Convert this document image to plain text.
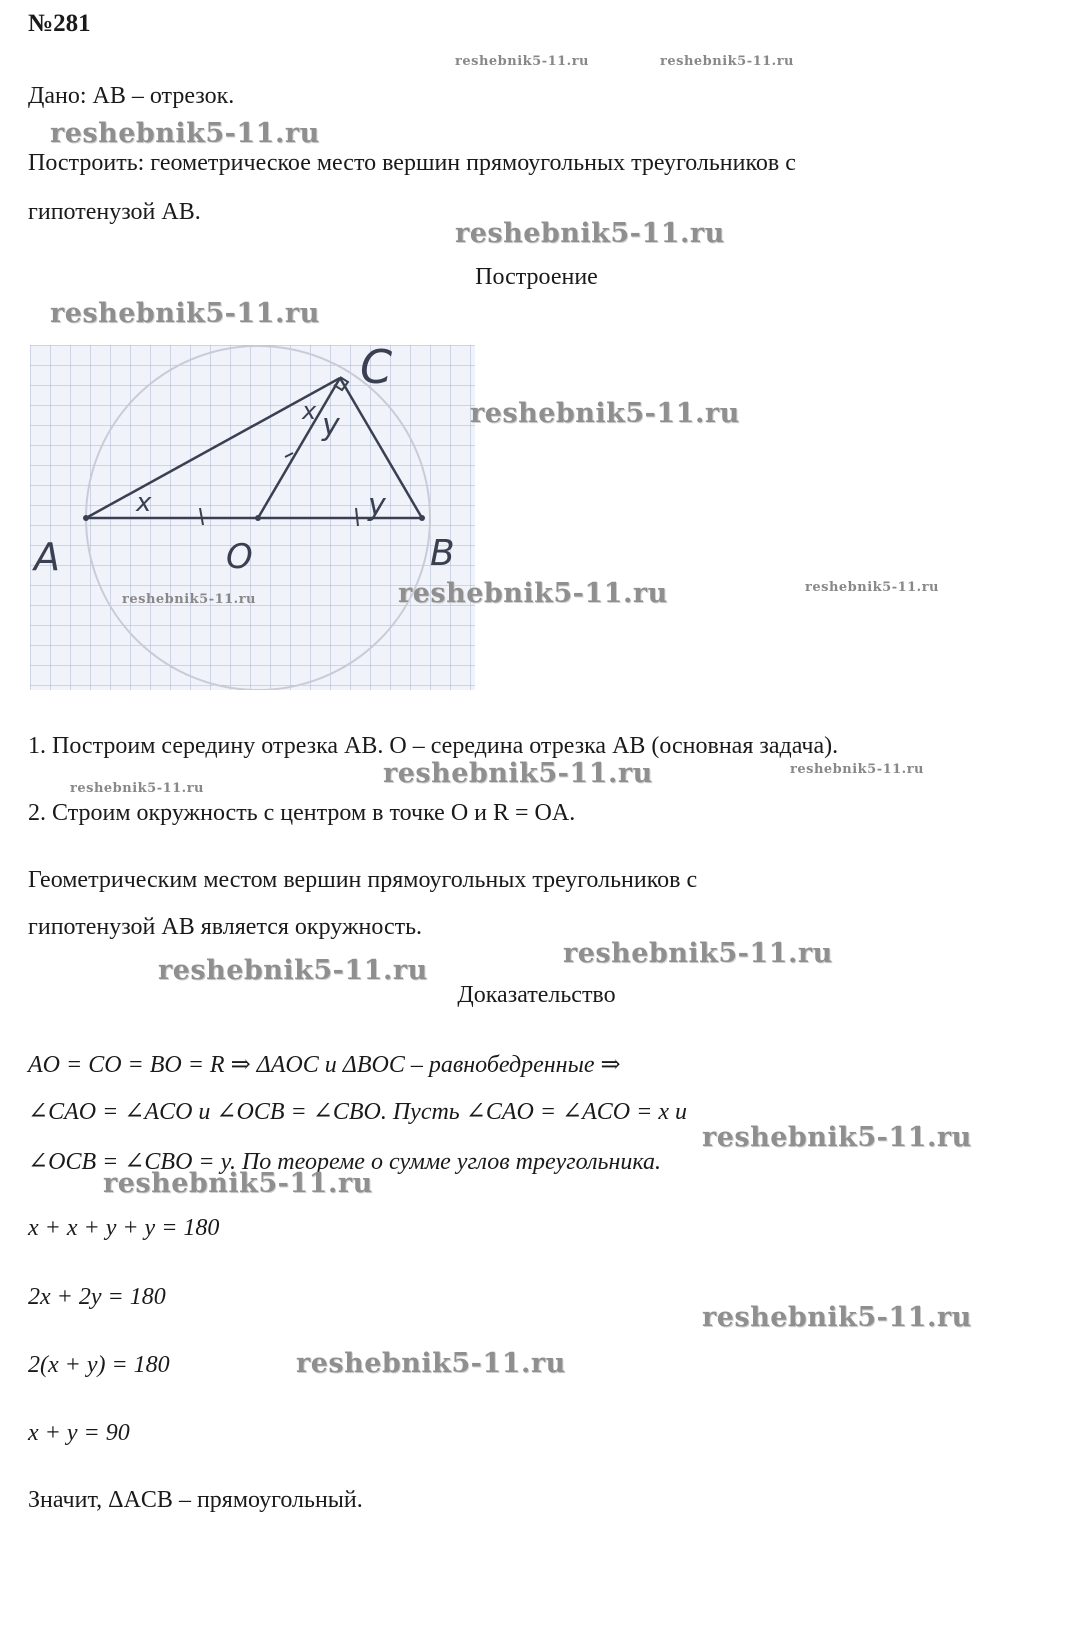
№281
Дано: AB – отрезок.
Построить: геометрическое место вершин прямоугольных треугольников с
гипотенузой AB.
Построение
A	O	B
C
x
x y
y
1. Построим середину отрезка AB. O – середина отрезка AB (основная задача).
2. Строим окружность с центром в точке O и R = OA.
Геометрическим местом вершин прямоугольных треугольников с
гипотенузой AB является окружность.
Доказательство
AO = CO = BO = R ⇒ ΔAOC и ΔBOC – равнобедренные ⇒
∠CAO = ∠ACO и ∠OCB = ∠CBO. Пусть ∠CAO = ∠ACO = x и
∠OCB = ∠CBO = y. По теореме о сумме углов треугольника.
x + x + y + y = 180
2x + 2y = 180
2(x + y) = 180
x + y = 90
Значит, ΔACB – прямоугольный.
reshebnik5-11.ru	reshebnik5-11.ru
reshebnik5-11.ru
reshebnik5-11.ru
reshebnik5-11.ru
reshebnik5-11.ru
reshebnik5-11.ru	reshebnik5-11.ru	reshebnik5-11.ru
reshebnik5-11.ru	reshebnik5-11.ru	reshebnik5-11.ru
reshebnik5-11.ru
reshebnik5-11.ru
reshebnik5-11.ru
reshebnik5-11.ru
reshebnik5-11.ru
reshebnik5-11.ru
